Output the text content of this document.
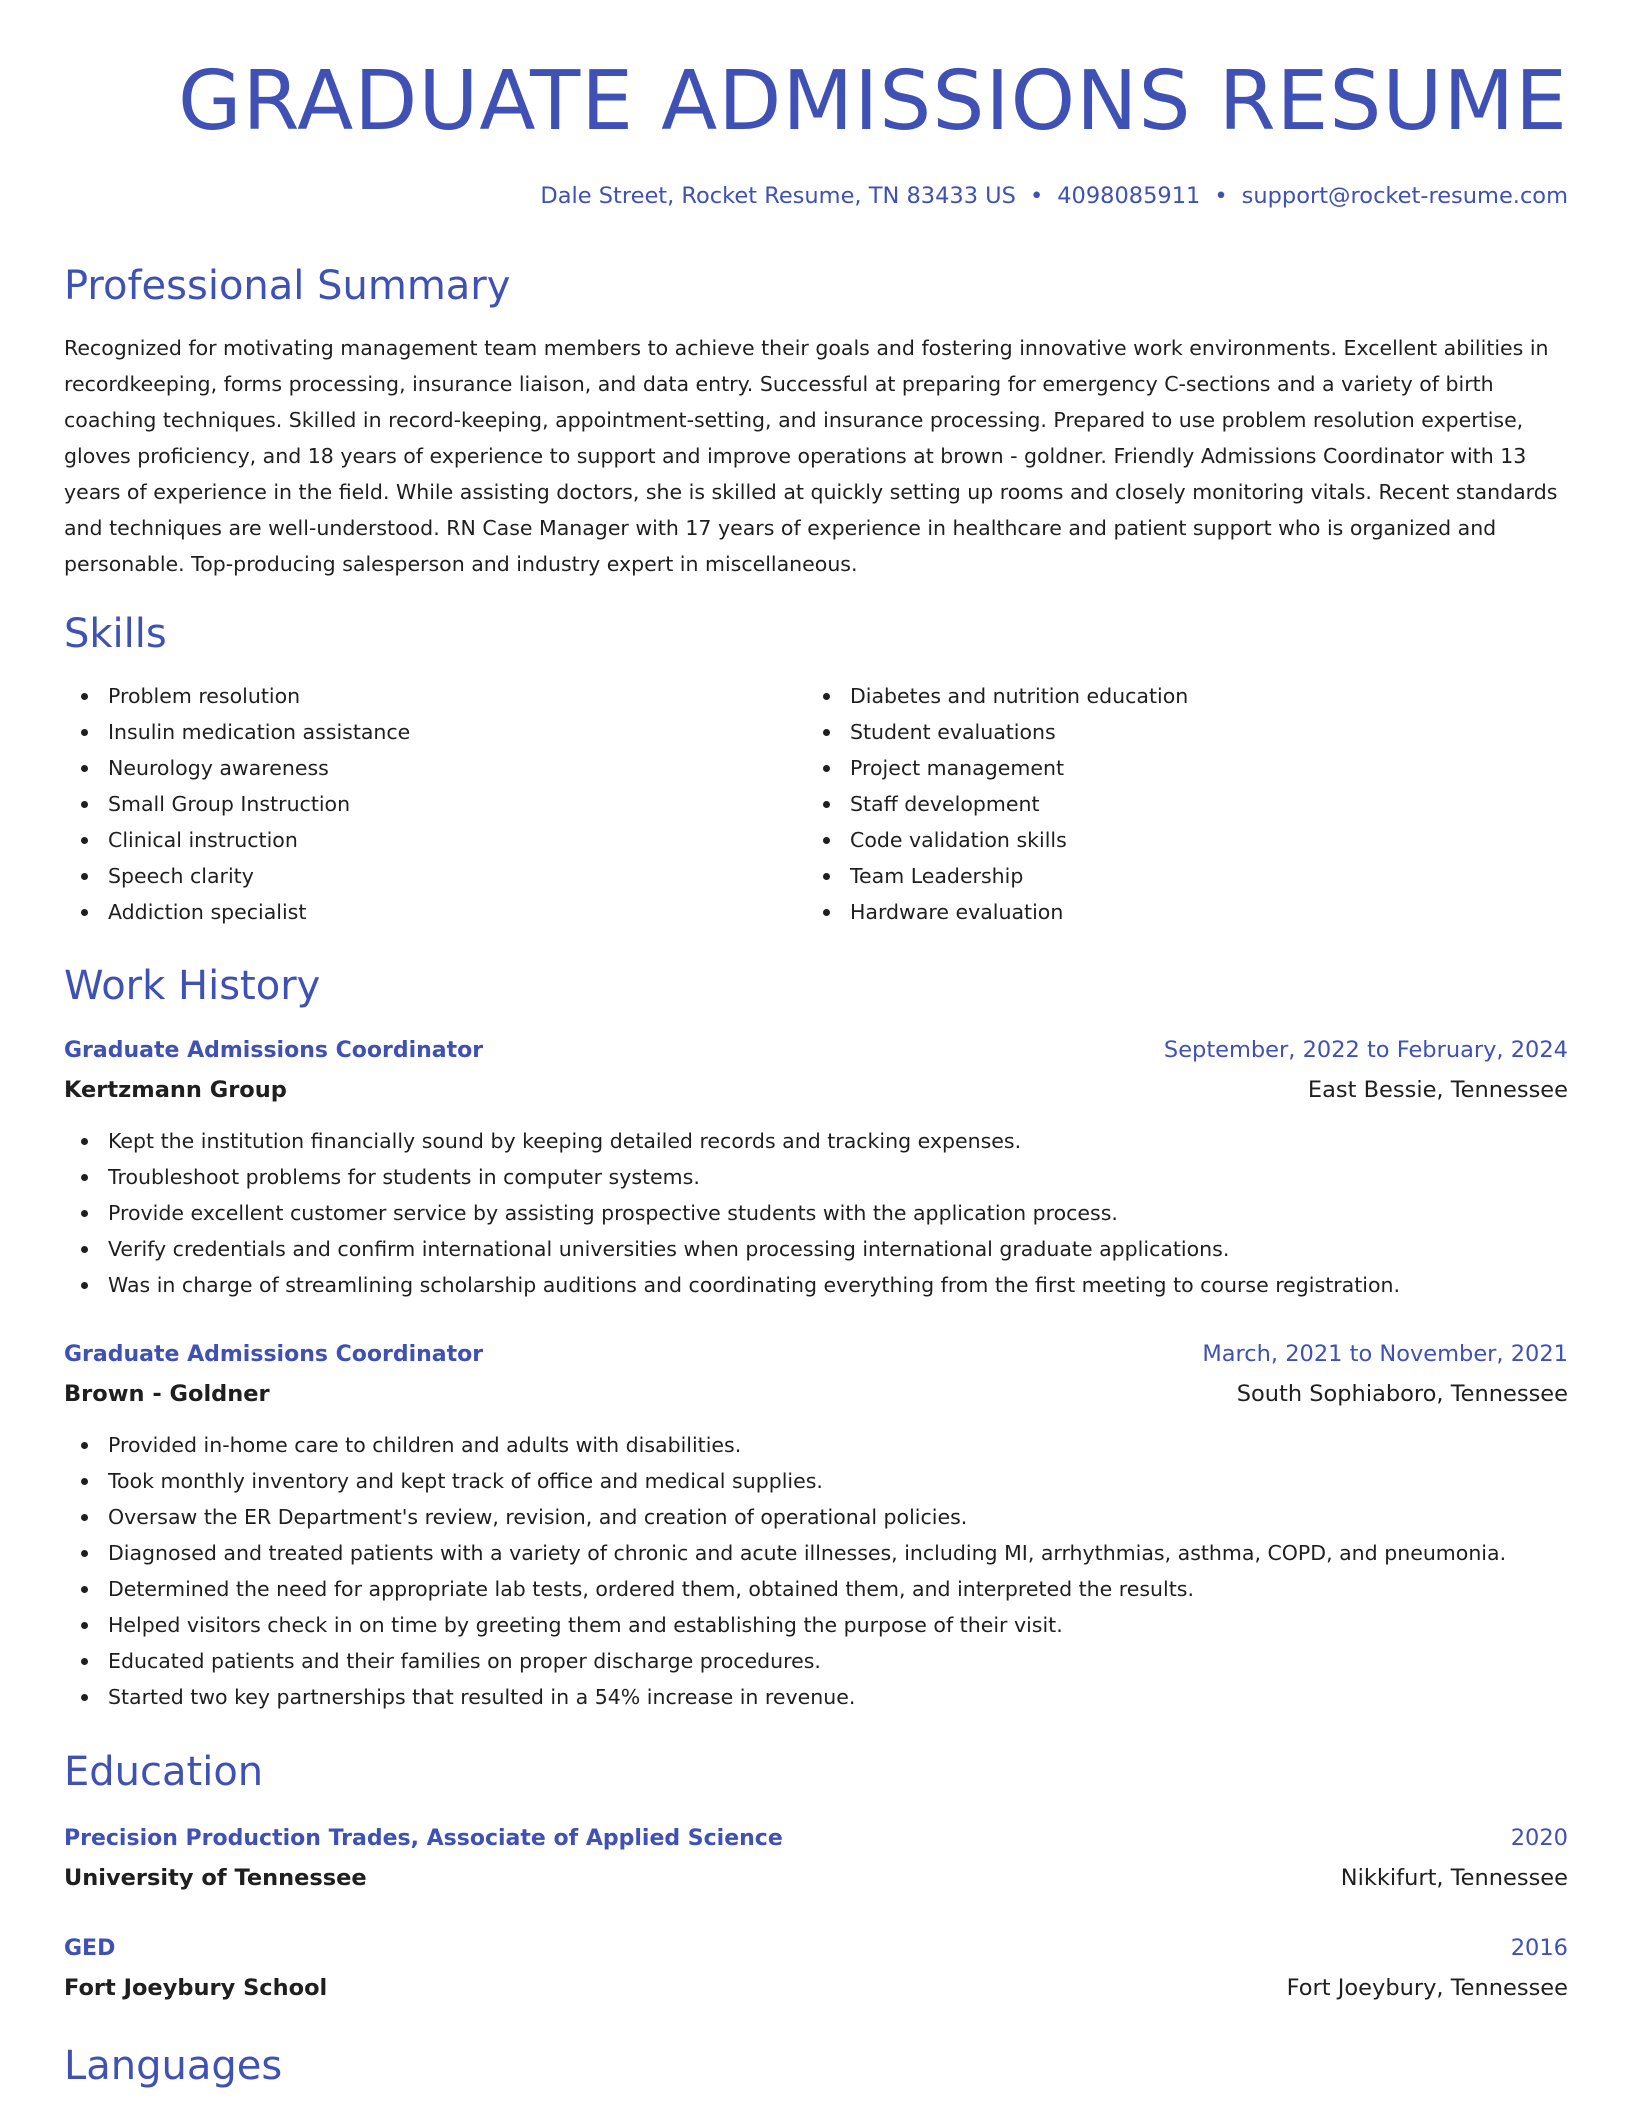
GRADUATE ADMISSIONS RESUME
Dale Street, Rocket Resume, TN 83433 US • 4098085911 • support@rocket-resume.com
Professional Summary

Recognized for motivating management team members to achieve their goals and fostering innovative work environments. Excellent abilities in recordkeeping, forms processing, insurance liaison, and data entry. Successful at preparing for emergency C-sections and a variety of birth coaching techniques. Skilled in record-keeping, appointment-setting, and insurance processing. Prepared to use problem resolution expertise, gloves proficiency, and 18 years of experience to support and improve operations at brown - goldner. Friendly Admissions Coordinator with 13 years of experience in the field. While assisting doctors, she is skilled at quickly setting up rooms and closely monitoring vitals. Recent standards and techniques are well-understood. RN Case Manager with 17 years of experience in healthcare and patient support who is organized and personable. Top-producing salesperson and industry expert in miscellaneous.

Skills
Problem resolution
Insulin medication assistance
Neurology awareness
Small Group Instruction
Clinical instruction
Speech clarity
Addiction specialist
Diabetes and nutrition education
Student evaluations
Project management
Staff development
Code validation skills
Team Leadership
Hardware evaluation
Work History
Graduate Admissions Coordinator	September, 2022 to February, 2024
Kertzmann Group	East Bessie, Tennessee
Kept the institution financially sound by keeping detailed records and tracking expenses.
Troubleshoot problems for students in computer systems.
Provide excellent customer service by assisting prospective students with the application process.
Verify credentials and confirm international universities when processing international graduate applications.
Was in charge of streamlining scholarship auditions and coordinating everything from the first meeting to course registration.
Graduate Admissions Coordinator	March, 2021 to November, 2021
Brown - Goldner	South Sophiaboro, Tennessee
Provided in-home care to children and adults with disabilities.
Took monthly inventory and kept track of office and medical supplies.
Oversaw the ER Department's review, revision, and creation of operational policies.
Diagnosed and treated patients with a variety of chronic and acute illnesses, including MI, arrhythmias, asthma, COPD, and pneumonia.
Determined the need for appropriate lab tests, ordered them, obtained them, and interpreted the results.
Helped visitors check in on time by greeting them and establishing the purpose of their visit.
Educated patients and their families on proper discharge procedures.
Started two key partnerships that resulted in a 54% increase in revenue.
Education
Precision Production Trades, Associate of Applied Science	2020
University of Tennessee	Nikkifurt, Tennessee
GED	2016
Fort Joeybury School	Fort Joeybury, Tennessee
Languages
